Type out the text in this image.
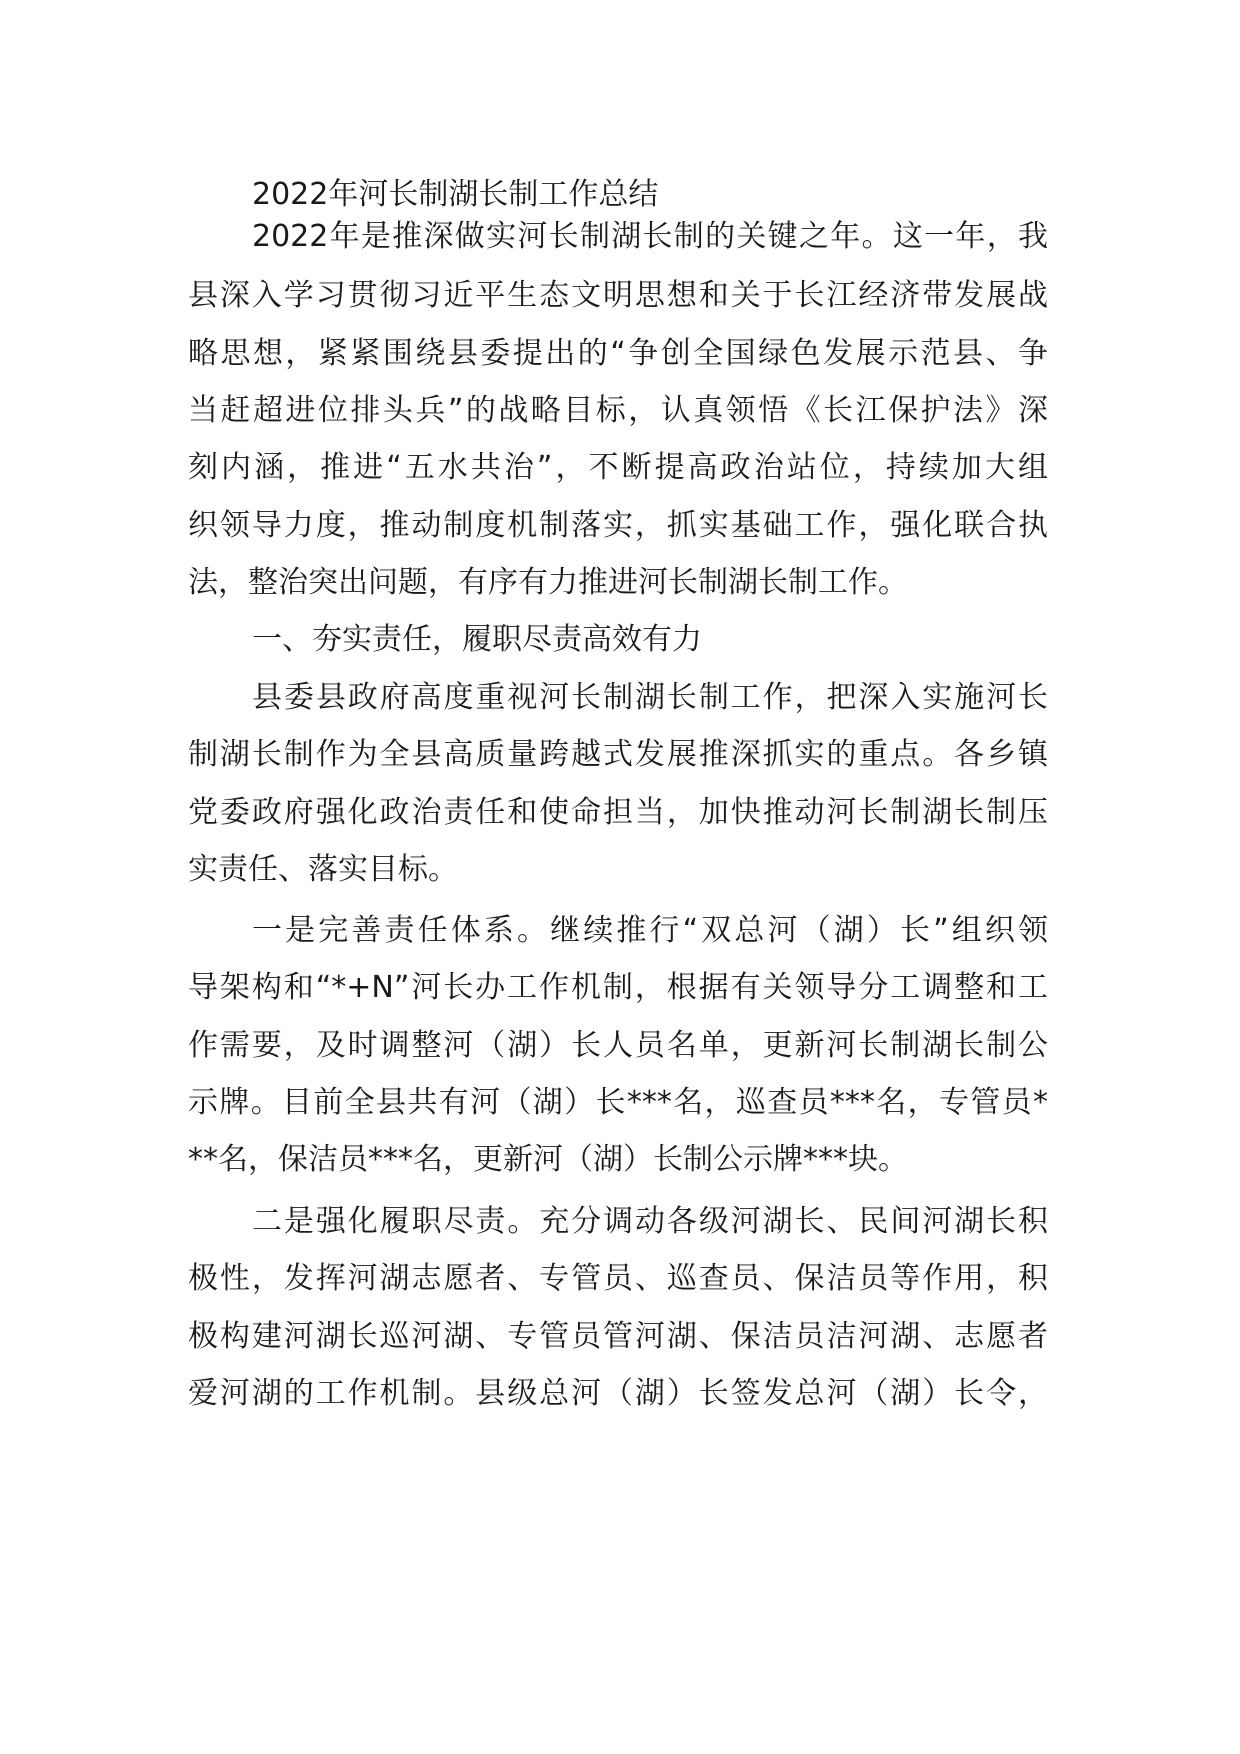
2022年河长制湖长制工作总结
2022年是推深做实河长制湖长制的关键之年。这一年，我
县深入学习贯彻习近平生态文明思想和关于长江经济带发展战
略思想，紧紧围绕县委提出的“争创全国绿色发展示范县、争
当赶超进位排头兵”的战略目标，认真领悟《长江保护法》深
刻内涵，推进“五水共治”，不断提高政治站位，持续加大组
织领导力度，推动制度机制落实，抓实基础工作，强化联合执
法，整治突出问题，有序有力推进河长制湖长制工作。
一、夯实责任，履职尽责高效有力
县委县政府高度重视河长制湖长制工作，把深入实施河长
制湖长制作为全县高质量跨越式发展推深抓实的重点。各乡镇
党委政府强化政治责任和使命担当，加快推动河长制湖长制压
实责任、落实目标。
一是完善责任体系。继续推行“双总河（湖）长”组织领
导架构和“*+N”河长办工作机制，根据有关领导分工调整和工
作需要，及时调整河（湖）长人员名单，更新河长制湖长制公
示牌。目前全县共有河（湖）长***名，巡查员***名，专管员*
**名，保洁员***名，更新河（湖）长制公示牌***块。
二是强化履职尽责。充分调动各级河湖长、民间河湖长积
极性，发挥河湖志愿者、专管员、巡查员、保洁员等作用，积
极构建河湖长巡河湖、专管员管河湖、保洁员洁河湖、志愿者
爱河湖的工作机制。县级总河（湖）长签发总河（湖）长令，
